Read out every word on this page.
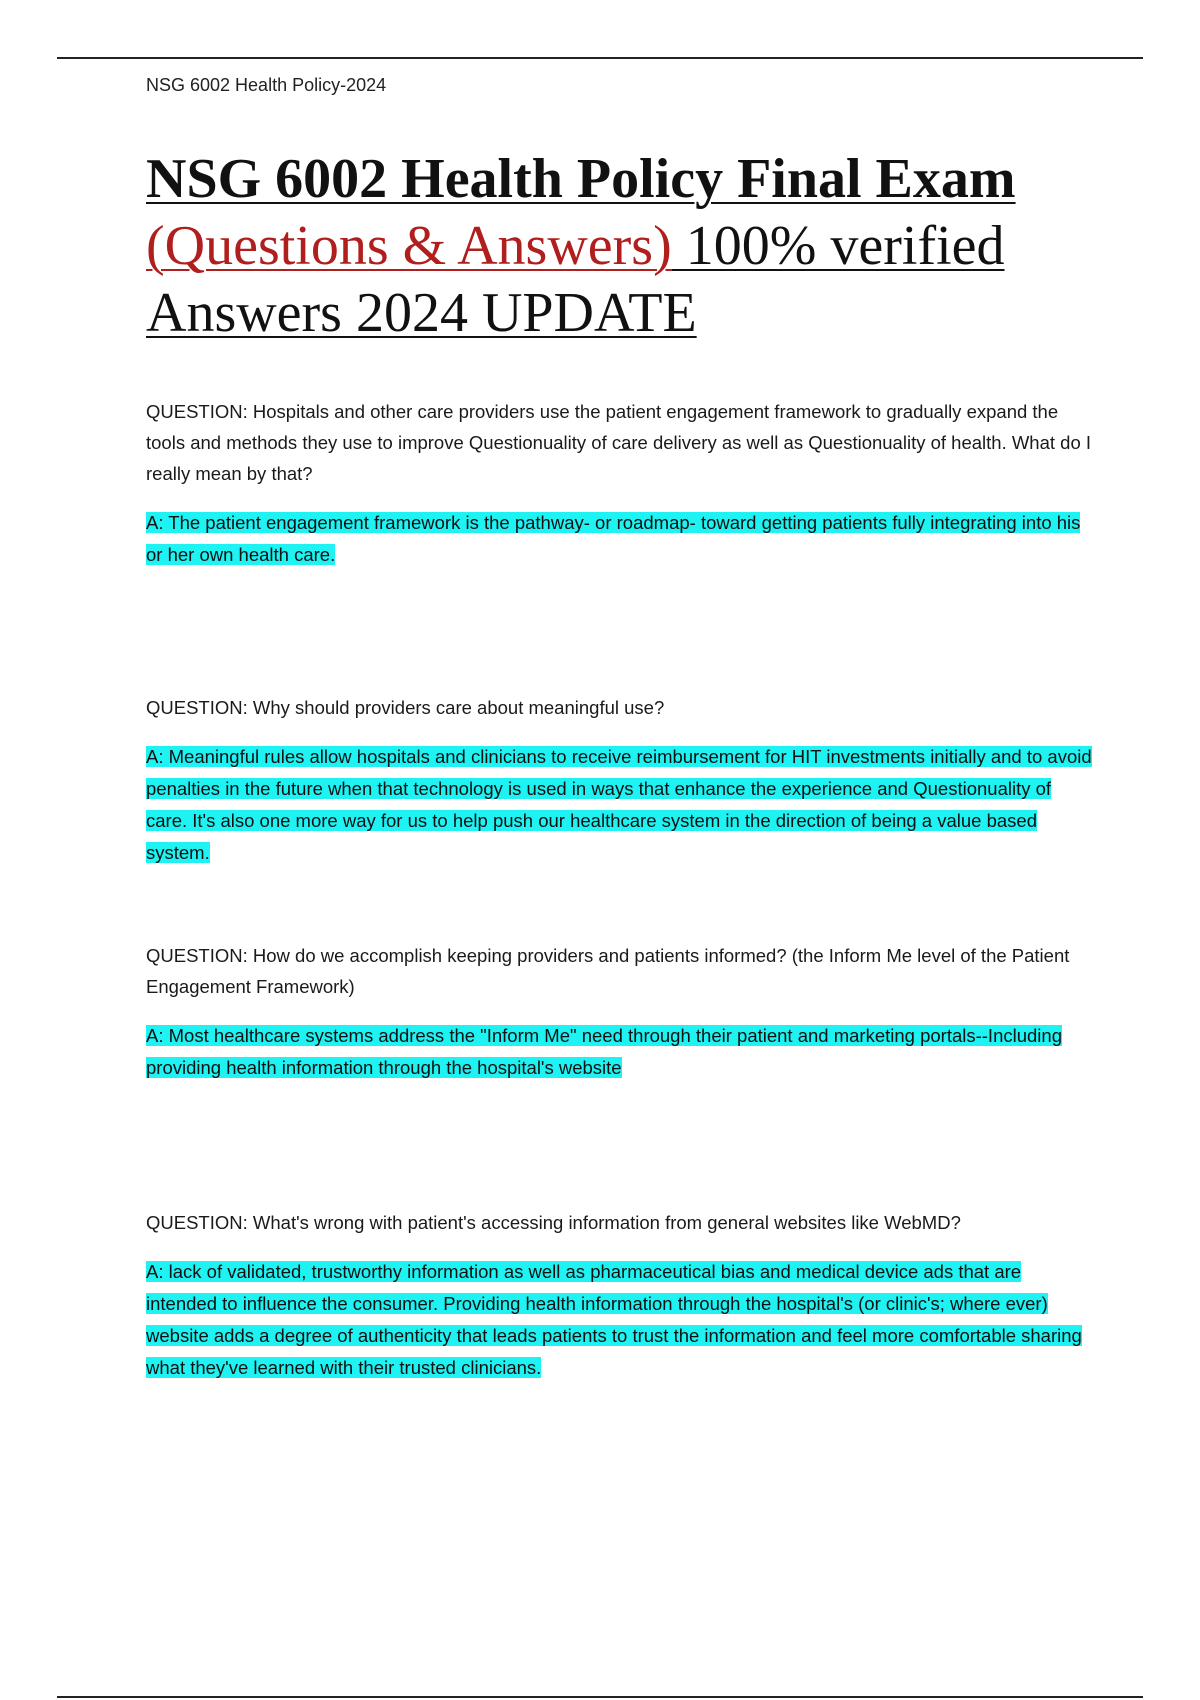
NSG 6002 Health Policy-2024
NSG 6002 Health Policy Final Exam
(Questions & Answers) 100% verified
Answers 2024 UPDATE

QUESTION: Hospitals and other care providers use the patient engagement framework to gradually expand the tools and methods they use to improve Questionuality of care delivery as well as Questionuality of health. What do I really mean by that?

A: The patient engagement framework is the pathway- or roadmap- toward getting patients fully integrating into his or her own health care.

QUESTION: Why should providers care about meaningful use?

A: Meaningful rules allow hospitals and clinicians to receive reimbursement for HIT investments initially and to avoid penalties in the future when that technology is used in ways that enhance the experience and Questionuality of care. It's also one more way for us to help push our healthcare system in the direction of being a value based system.

QUESTION: How do we accomplish keeping providers and patients informed? (the Inform Me level of the Patient Engagement Framework)

A: Most healthcare systems address the "Inform Me" need through their patient and marketing portals--Including providing health information through the hospital's website

QUESTION: What's wrong with patient's accessing information from general websites like WebMD?

A: lack of validated, trustworthy information as well as pharmaceutical bias and medical device ads that are intended to influence the consumer. Providing health information through the hospital's (or clinic's; where ever) website adds a degree of authenticity that leads patients to trust the information and feel more comfortable sharing what they've learned with their trusted clinicians.
